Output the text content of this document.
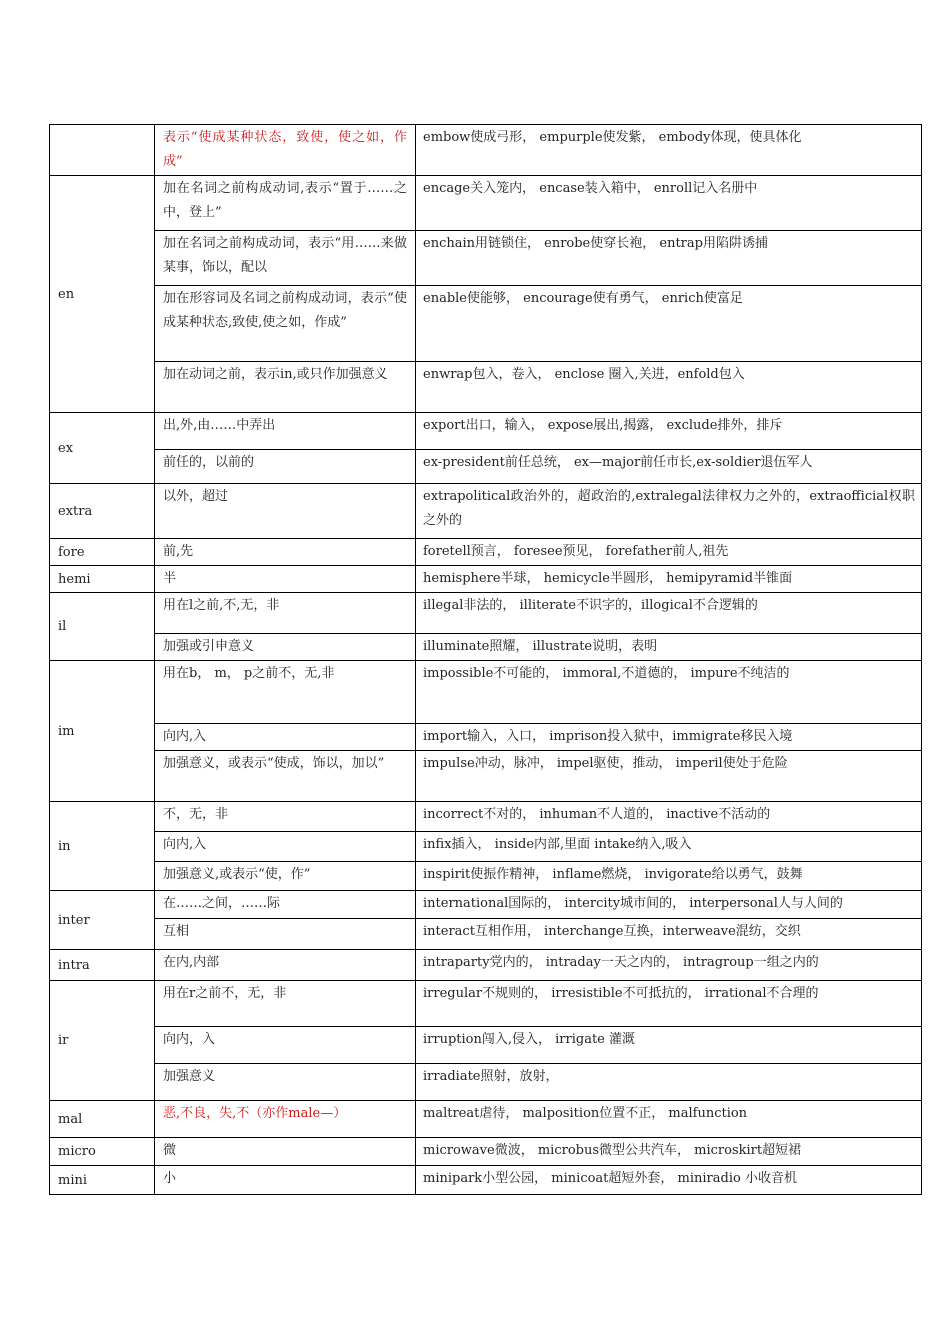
	表示“使成某种状态，致使，使之如，作成”	embow使成弓形， empurple使发紫， embody体现，使具体化
en	加在名词之前构成动词,表示“置于……之中，登上”	encage关入笼内， encase装入箱中， enroll记入名册中
	加在名词之前构成动词，表示“用……来做某事，饰以，配以	enchain用链锁住， enrobe使穿长袍， entrap用陷阱诱捕
	加在形容词及名词之前构成动词，表示“使成某种状态,致使,使之如，作成”	enable使能够， encourage使有勇气， enrich使富足
	加在动词之前，表示in,或只作加强意义	enwrap包入，卷入， enclose 圈入,关进，enfold包入
ex	出,外,由……中弄出	export出口，输入， expose展出,揭露， exclude排外，排斥
	前任的，以前的	ex-president前任总统， ex—major前任市长,ex-soldier退伍军人
extra	以外，超过	extrapolitical政治外的，超政治的,extralegal法律权力之外的，extraofficial权职之外的
fore	前,先	foretell预言， foresee预见， forefather前人,祖先
hemi	半	hemisphere半球， hemicycle半圆形， hemipyramid半锥面
il	用在l之前,不,无，非	illegal非法的， illiterate不识字的，illogical不合逻辑的
	加强或引申意义	illuminate照耀， illustrate说明，表明
im	用在b， m， p之前不，无,非	impossible不可能的， immoral,不道德的， impure不纯洁的
	向内,入	import输入，入口， imprison投入狱中，immigrate移民入境
	加强意义，或表示“使成，饰以，加以”	impulse冲动，脉冲， impel驱使，推动， imperil使处于危险
in	不，无，非	incorrect不对的， inhuman不人道的， inactive不活动的
	向内,入	infix插入， inside内部,里面 intake纳入,吸入
	加强意义,或表示“使，作”	inspirit使振作精神， inflame燃烧， invigorate给以勇气，鼓舞
inter	在……之间，……际	international国际的， intercity城市间的， interpersonal人与人间的
	互相	interact互相作用， interchange互换，interweave混纺，交织
intra	在内,内部	intraparty党内的， intraday一天之内的， intragroup一组之内的
ir	用在r之前不，无，非	irregular不规则的， irresistible不可抵抗的， irrational不合理的
	向内，入	irruption闯入,侵入， irrigate 灌溉
	加强意义	irradiate照射，放射，
mal	恶,不良，失,不（亦作male—）	maltreat虐待， malposition位置不正， malfunction
micro	微	microwave微波， microbus微型公共汽车， microskirt超短裙
mini	小	minipark小型公园， minicoat超短外套， miniradio 小收音机
